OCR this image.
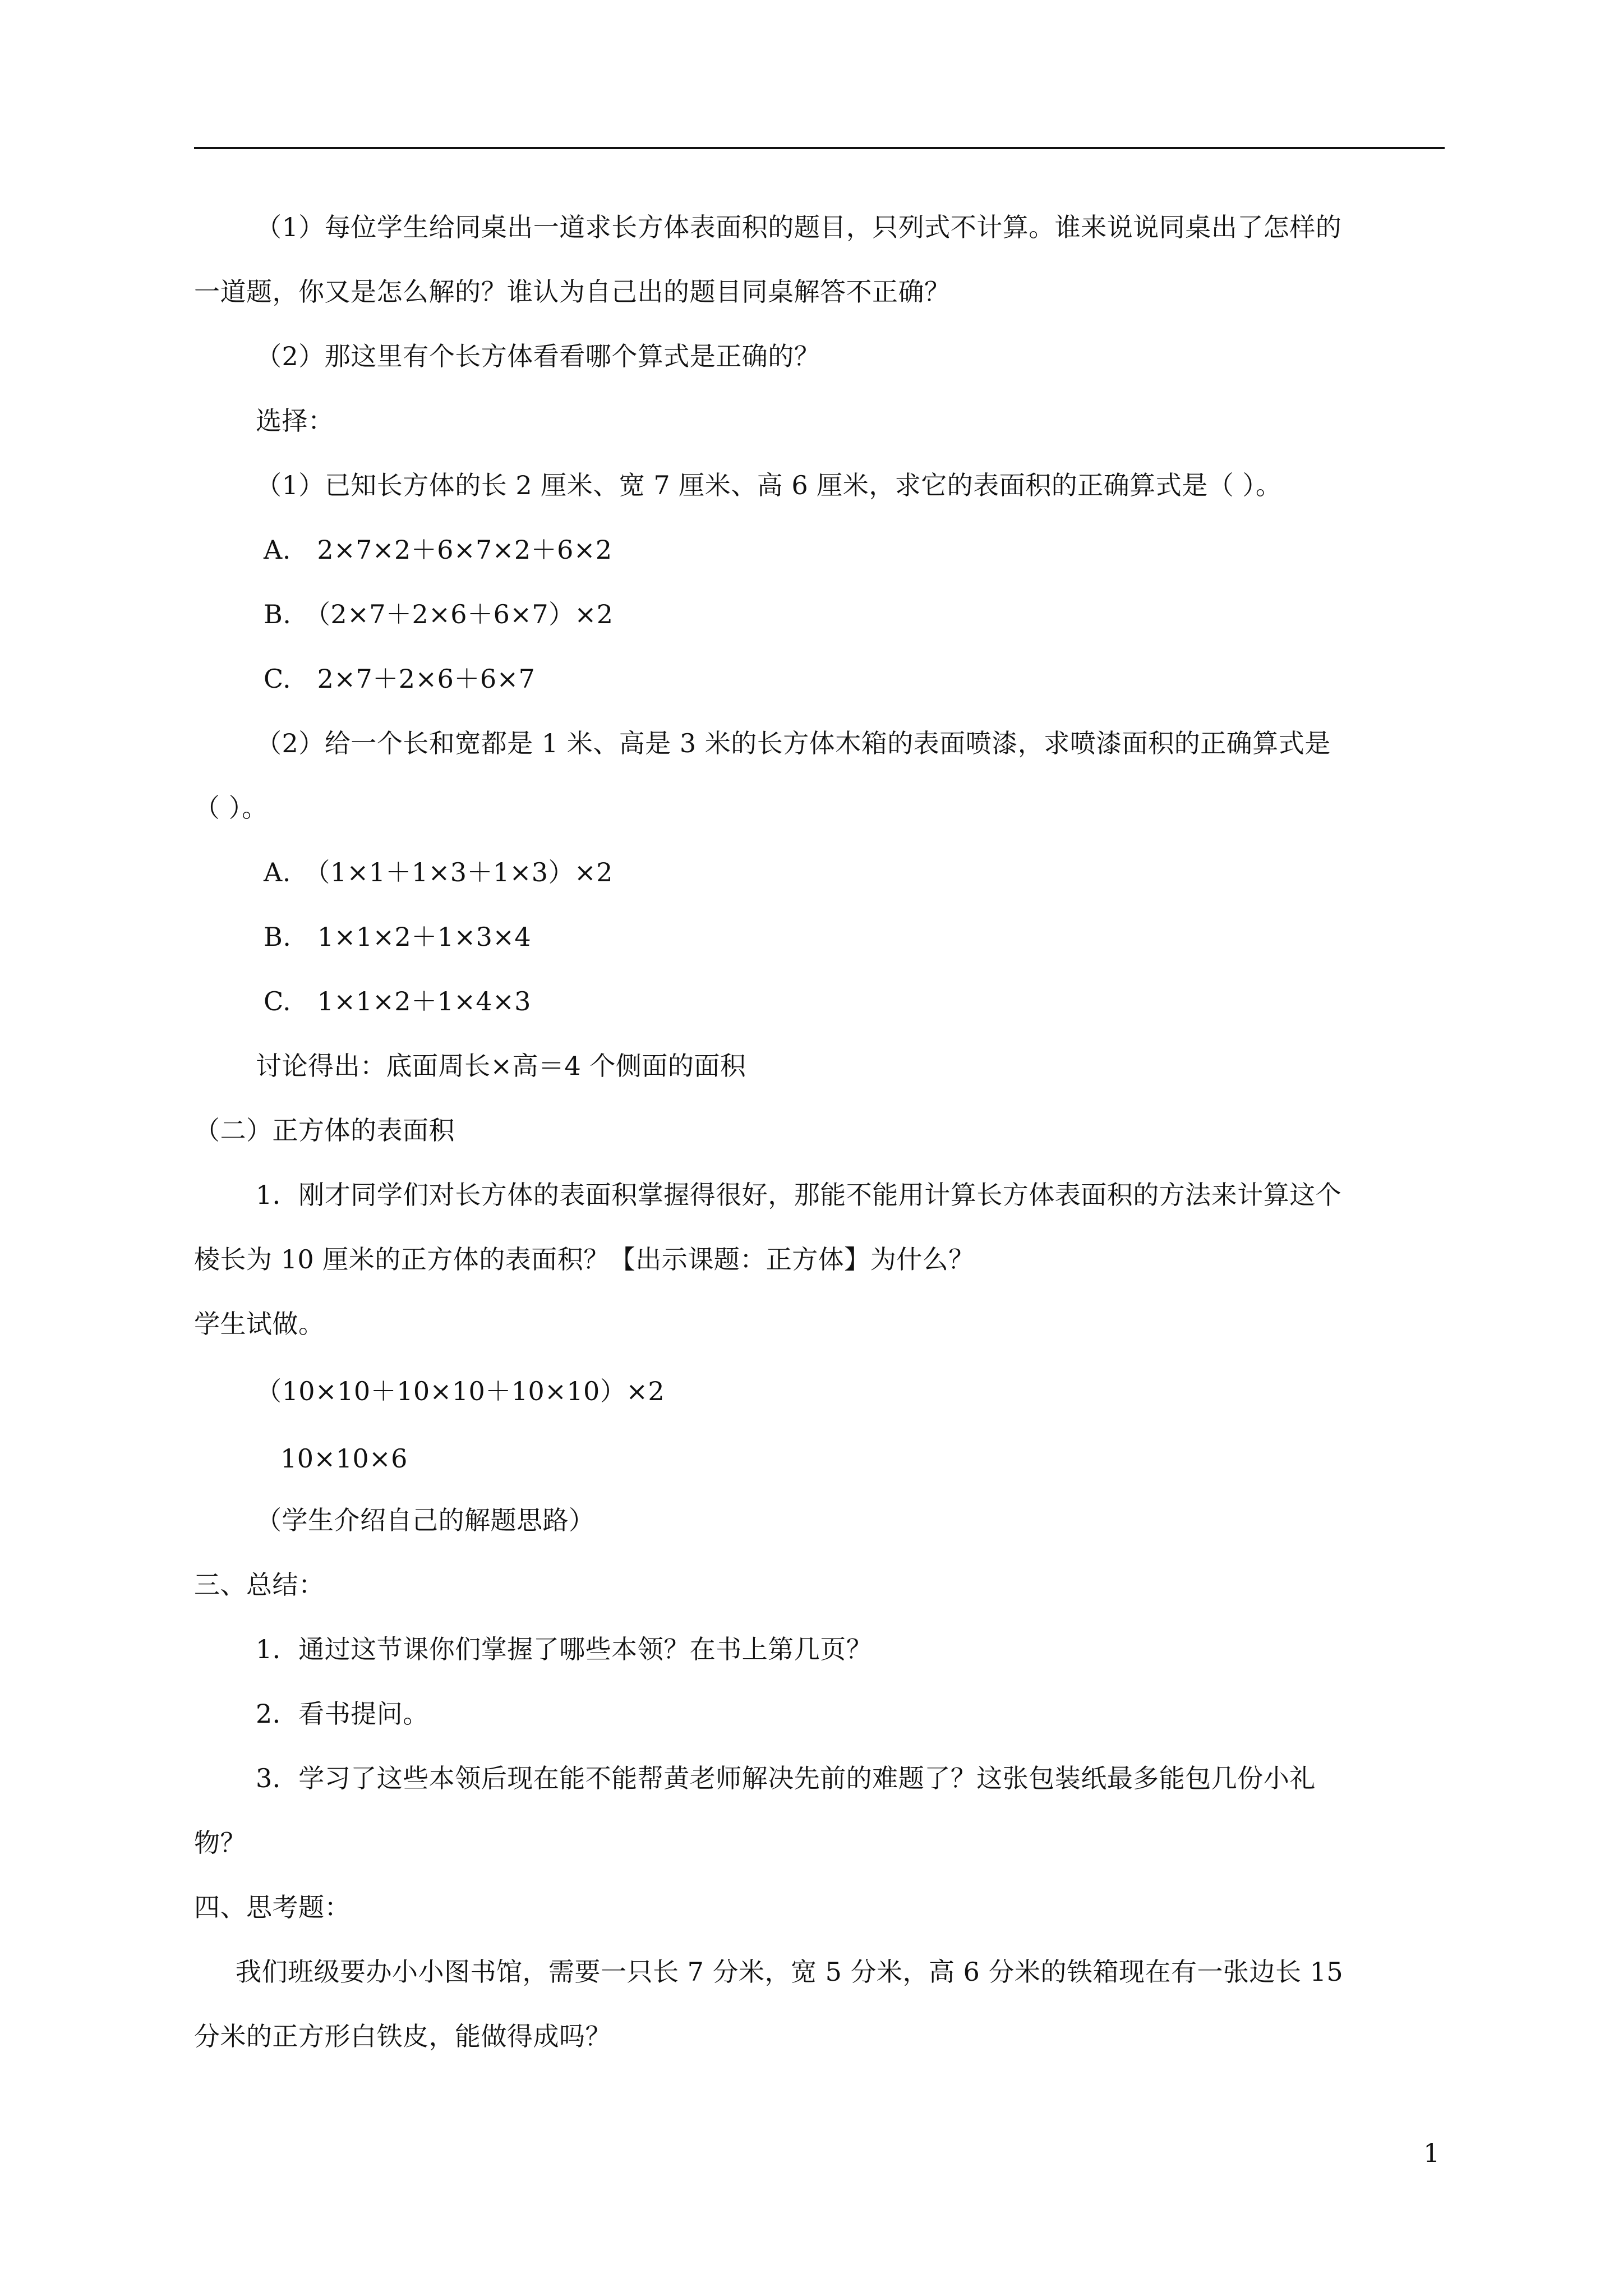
（1）每位学生给同桌出一道求长方体表面积的题目，只列式不计算。谁来说说同桌出了怎样的
一道题，你又是怎么解的？谁认为自己出的题目同桌解答不正确？
（2）那这里有个长方体看看哪个算式是正确的？
选择：
（1）已知长方体的长 2 厘米、宽 7 厘米、高 6 厘米，求它的表面积的正确算式是（ ）。
A.　2×7×2＋6×7×2＋6×2
B.　（2×7＋2×6＋6×7）×2
C.　2×7＋2×6＋6×7
（2）给一个长和宽都是 1 米、高是 3 米的长方体木箱的表面喷漆，求喷漆面积的正确算式是
（ ）。
A.　（1×1＋1×3＋1×3）×2
B.　1×1×2＋1×3×4
C.　1×1×2＋1×4×3
讨论得出：底面周长×高＝4 个侧面的面积
（二）正方体的表面积
1．刚才同学们对长方体的表面积掌握得很好，那能不能用计算长方体表面积的方法来计算这个
棱长为 10 厘米的正方体的表面积？【出示课题：正方体】为什么？
学生试做。
（10×10＋10×10＋10×10）×2
10×10×6
（学生介绍自己的解题思路）
三、总结：
1．通过这节课你们掌握了哪些本领？在书上第几页？
2．看书提问。
3．学习了这些本领后现在能不能帮黄老师解决先前的难题了？这张包装纸最多能包几份小礼
物？
四、思考题：
我们班级要办小小图书馆，需要一只长 7 分米，宽 5 分米，高 6 分米的铁箱现在有一张边长 15
分米的正方形白铁皮，能做得成吗？
1
